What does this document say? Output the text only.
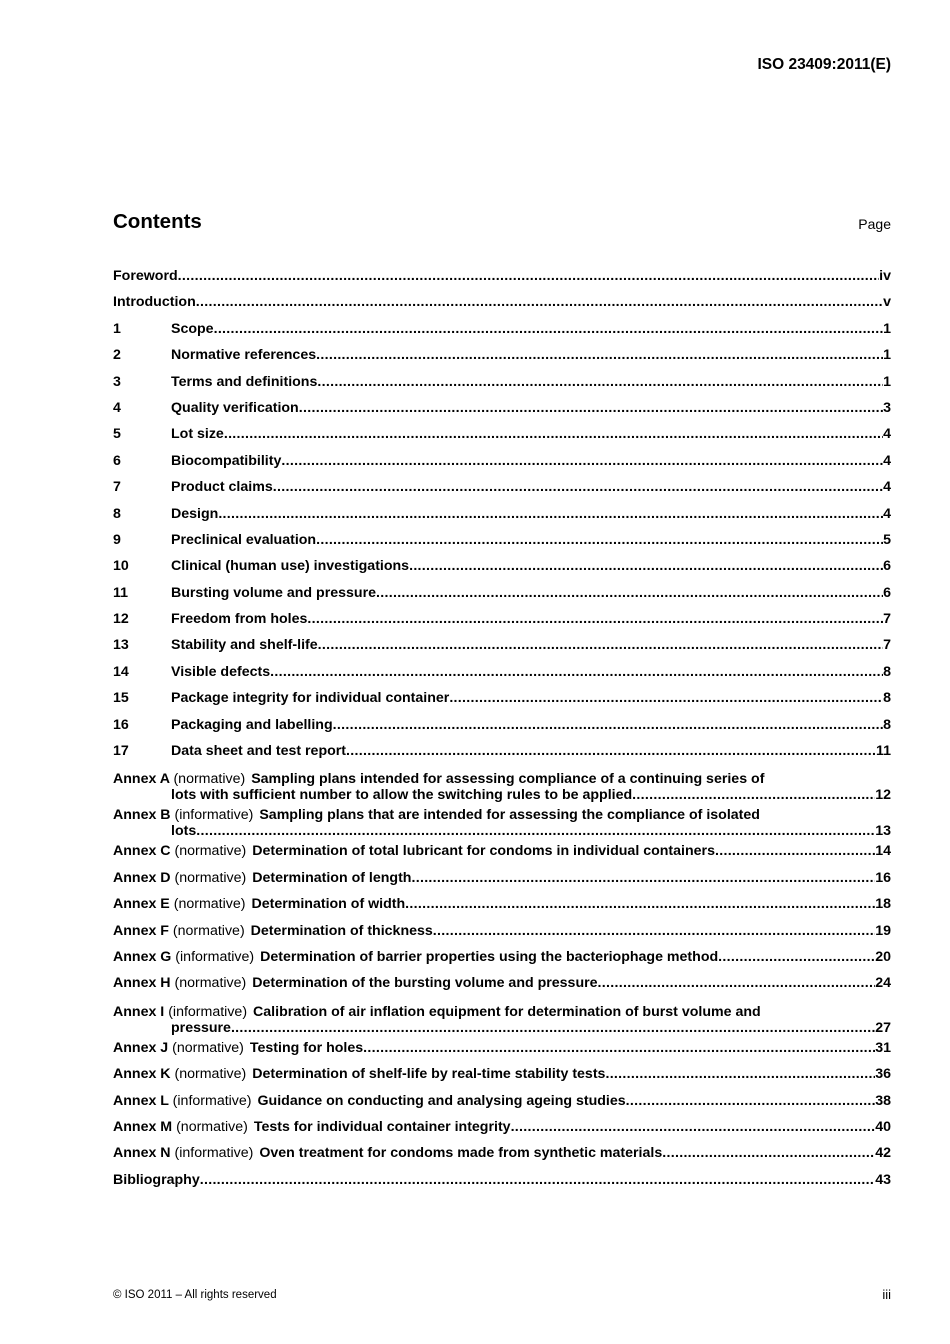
ISO 23409:2011(E)
Contents	Page
Foreword .....	iv
Introduction .....	v
1	Scope .....	1
2	Normative references .....	1
3	Terms and definitions .....	1
4	Quality verification .....	3
5	Lot size .....	4
6	Biocompatibility .....	4
7	Product claims .....	4
8	Design .....	4
9	Preclinical evaluation .....	5
10	Clinical (human use) investigations .....	6
11	Bursting volume and pressure .....	6
12	Freedom from holes .....	7
13	Stability and shelf-life .....	7
14	Visible defects .....	8
15	Package integrity for individual container .....	8
16	Packaging and labelling .....	8
17	Data sheet and test report .....	11
Annex A (normative) Sampling plans intended for assessing compliance of a continuing series of
lots with sufficient number to allow the switching rules to be applied .....	12
Annex B (informative) Sampling plans that are intended for assessing the compliance of isolated
lots .....	13
Annex C (normative) Determination of total lubricant for condoms in individual containers .....	14
Annex D (normative) Determination of length .....	16
Annex E (normative) Determination of width .....	18
Annex F (normative) Determination of thickness .....	19
Annex G (informative) Determination of barrier properties using the bacteriophage method .....	20
Annex H (normative) Determination of the bursting volume and pressure .....	24
Annex I (informative) Calibration of air inflation equipment for determination of burst volume and
pressure .....	27
Annex J (normative) Testing for holes .....	31
Annex K (normative) Determination of shelf-life by real-time stability tests .....	36
Annex L (informative) Guidance on conducting and analysing ageing studies .....	38
Annex M (normative) Tests for individual container integrity .....	40
Annex N (informative) Oven treatment for condoms made from synthetic materials .....	42
Bibliography .....	43
© ISO 2011 – All rights reserved	iii
